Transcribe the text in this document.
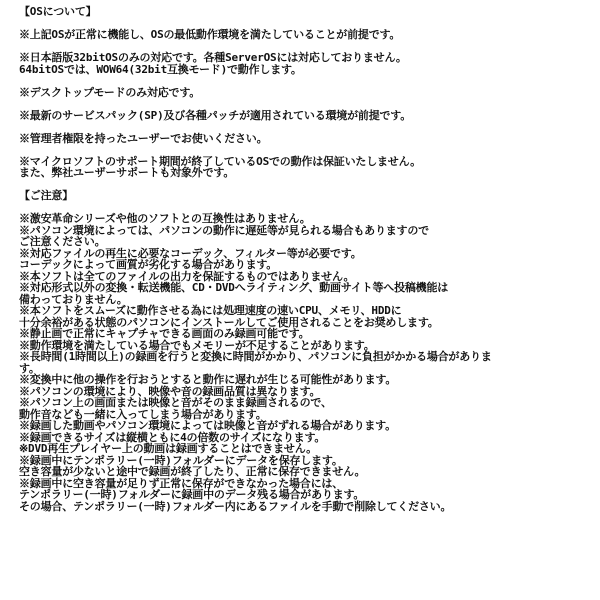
【OSについて】
※上記OSが正常に機能し、OSの最低動作環境を満たしていることが前提です。
※日本語版32bitOSのみの対応です。各種ServerOSには対応しておりません。
64bitOSでは、WOW64(32bit互換モード)で動作します。
※デスクトップモードのみ対応です。
※最新のサービスパック(SP)及び各種パッチが適用されている環境が前提です。
※管理者権限を持ったユーザーでお使いください。
※マイクロソフトのサポート期間が終了しているOSでの動作は保証いたしません。
また、弊社ユーザーサポートも対象外です。
【ご注意】
※激安革命シリーズや他のソフトとの互換性はありません。
※パソコン環境によっては、パソコンの動作に遅延等が見られる場合もありますので
ご注意ください。
※対応ファイルの再生に必要なコーデック、フィルター等が必要です。
コーデックによって画質が劣化する場合があります。
※本ソフトは全てのファイルの出力を保証するものではありません。
※対応形式以外の変換・転送機能、CD・DVDへライティング、動画サイト等へ投稿機能は
備わっておりません。
※本ソフトをスムーズに動作させる為には処理速度の速いCPU、メモリ、HDDに
十分余裕がある状態のパソコンにインストールしてご使用されることをお奨めします。
※静止画で正常にキャプチャできる画面のみ録画可能です。
※動作環境を満たしている場合でもメモリーが不足することがあります。
※長時間(1時間以上)の録画を行うと変換に時間がかかり、パソコンに負担がかかる場合がありま
す。
※変換中に他の操作を行おうとすると動作に遅れが生じる可能性があります。
※パソコンの環境により、映像や音の録画品質は異なります。
※パソコン上の画面または映像と音がそのまま録画されるので、
動作音なども一緒に入ってしまう場合があります。
※録画した動画やパソコン環境によっては映像と音がずれる場合があります。
※録画できるサイズは縦横ともに4の倍数のサイズになります。
※DVD再生プレイヤー上の動画は録画することはできません。
※録画中にテンポラリー(一時)フォルダーにデータを保存します。
空き容量が少ないと途中で録画が終了したり、正常に保存できません。
※録画中に空き容量が足りず正常に保存ができなかった場合には、
テンポラリー(一時)フォルダーに録画中のデータ残る場合があります。
その場合、テンポラリー(一時)フォルダー内にあるファイルを手動で削除してください。
